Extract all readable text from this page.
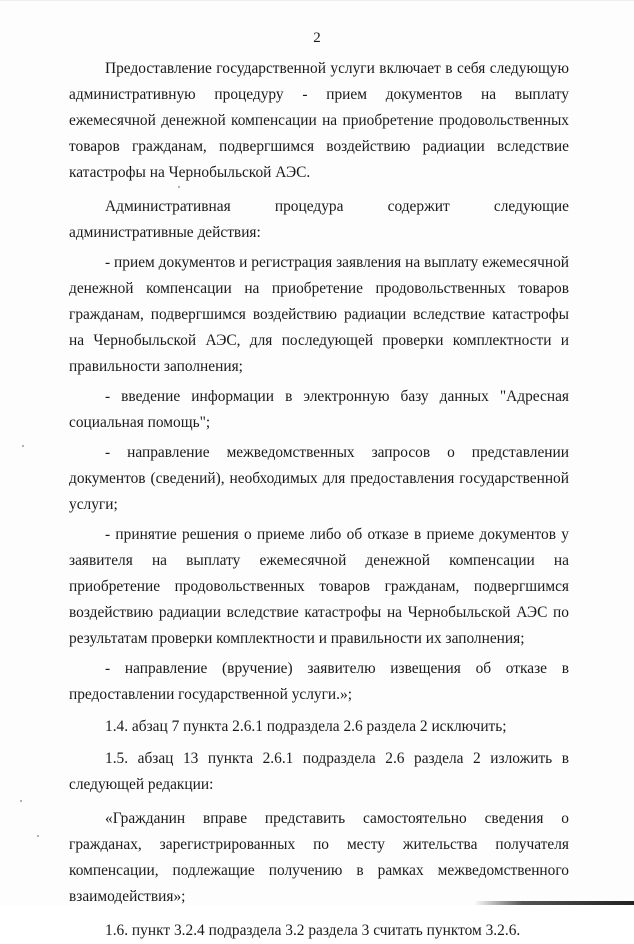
2

Предоставление государственной услуги включает в себя следующую административную процедуру - прием документов на выплату ежемесячной денежной компенсации на приобретение продовольственных товаров гражданам, подвергшимся воздействию радиации вследствие катастрофы на Чернобыльской АЭС.

Административная процедура содержит следующие административные действия:

- прием документов и регистрация заявления на выплату ежемесячной денежной компенсации на приобретение продовольственных товаров гражданам, подвергшимся воздействию радиации вследствие катастрофы на Чернобыльской АЭС, для последующей проверки комплектности и правильности заполнения;

- введение информации в электронную базу данных "Адресная социальная помощь";

- направление межведомственных запросов о представлении документов (сведений), необходимых для предоставления государственной услуги;

- принятие решения о приеме либо об отказе в приеме документов у заявителя на выплату ежемесячной денежной компенсации на приобретение продовольственных товаров гражданам, подвергшимся воздействию радиации вследствие катастрофы на Чернобыльской АЭС по результатам проверки комплектности и правильности их заполнения;

- направление (вручение) заявителю извещения об отказе в предоставлении государственной услуги.»;

1.4. абзац 7 пункта 2.6.1 подраздела 2.6 раздела 2 исключить;

1.5. абзац 13 пункта 2.6.1 подраздела 2.6 раздела 2 изложить в следующей редакции:

«Гражданин вправе представить самостоятельно сведения о гражданах, зарегистрированных по месту жительства получателя компенсации, подлежащие получению в рамках межведомственного взаимодействия»;

1.6. пункт 3.2.4 подраздела 3.2 раздела 3 считать пунктом 3.2.6.
